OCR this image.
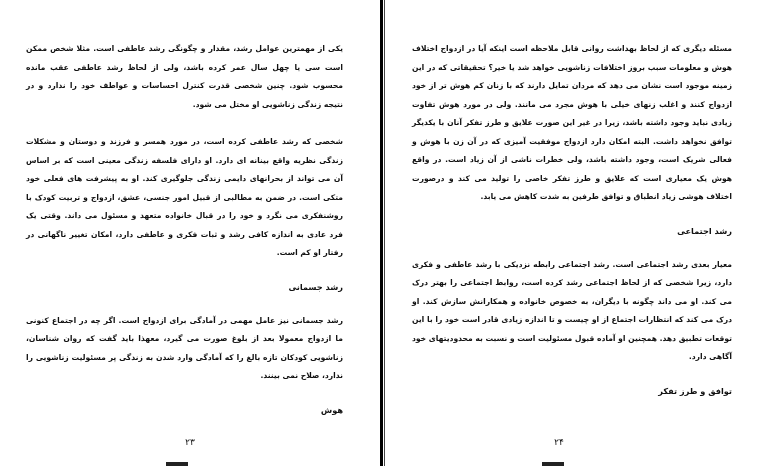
یکی از مهمترین عوامل رشد، مقدار و چگونگی رشد عاطفی است. مثلا شخص ممکن است سی یا چهل سال عمر کرده باشد، ولی از لحاظ رشد عاطفی عقب مانده محسوب شود. چنین شخصی قدرت کنترل احساسات و عواطف خود را ندارد و در نتیجه زندگی زناشویی او مختل می شود.

شخصی که رشد عاطفی کرده است، در مورد همسر و فرزند و دوستان و مشکلات زندگی نظریه واقع بینانه ای دارد. او دارای فلسفه زندگی معینی است که بر اساس آن می تواند از بحرانهای دایمی زندگی جلوگیری کند. او به پیشرفت های فعلی خود متکی است. در ضمن به مطالبی از قبیل امور جنسی، عشق، ازدواج و تربیت کودک با روشنفکری می نگرد و خود را در قبال خانواده متعهد و مسئول می داند. وقتی یک فرد عادی به اندازه کافی رشد و ثبات فکری و عاطفی دارد، امکان تغییر ناگهانی در رفتار او کم است.

رشد جسمانی

رشد جسمانی نیز عامل مهمی در آمادگی برای ازدواج است. اگر چه در اجتماع کنونی ما ازدواج معمولا بعد از بلوغ صورت می گیرد، معهذا باید گفت که روان شناسان، زناشویی کودکان تازه بالغ را که آمادگی وارد شدن به زندگی پر مسئولیت زناشویی را ندارد، صلاح نمی بینند.

هوش
۲۳

مسئله دیگری که از لحاظ بهداشت روانی قابل ملاحظه است اینکه آیا در ازدواج اختلاف هوش و معلومات سبب بروز اختلافات زناشویی خواهد شد یا خیر؟ تحقیقاتی که در این زمینه موجود است نشان می دهد که مردان تمایل دارند که با زنان کم هوش تر از خود ازدواج کنند و اغلب زنهای خیلی با هوش مجرد می مانند. ولی در مورد هوش تفاوت زیادی نباید وجود داشته باشد، زیرا در غیر این صورت علایق و طرز تفکر آنان با یکدیگر توافق نخواهد داشت. البته امکان دارد ازدواج موفقیت آمیزی که در آن زن با هوش و فعالی شریک است، وجود داشته باشد، ولی خطرات ناشی از آن زیاد است. در واقع هوش یک معیاری است که علایق و طرز تفکر خاصی را تولید می کند و درصورت اختلاف هوشی زیاد انطباق و توافق طرفین به شدت کاهش می یابد.

رشد اجتماعی

معیار بعدی رشد اجتماعی است. رشد اجتماعی رابطه نزدیکی با رشد عاطفی و فکری دارد، زیرا شخصی که از لحاظ اجتماعی رشد کرده است، روابط اجتماعی را بهتر درک می کند. او می داند چگونه با دیگران، به خصوص خانواده و همکارانش سازش کند. او درک می کند که انتظارات اجتماع از او چیست و تا اندازه زیادی قادر است خود را با این توقعات تطبیق دهد. همچنین او آماده قبول مسئولیت است و نسبت به محدودیتهای خود آگاهی دارد.

توافق و طرز تفکر
۲۴
